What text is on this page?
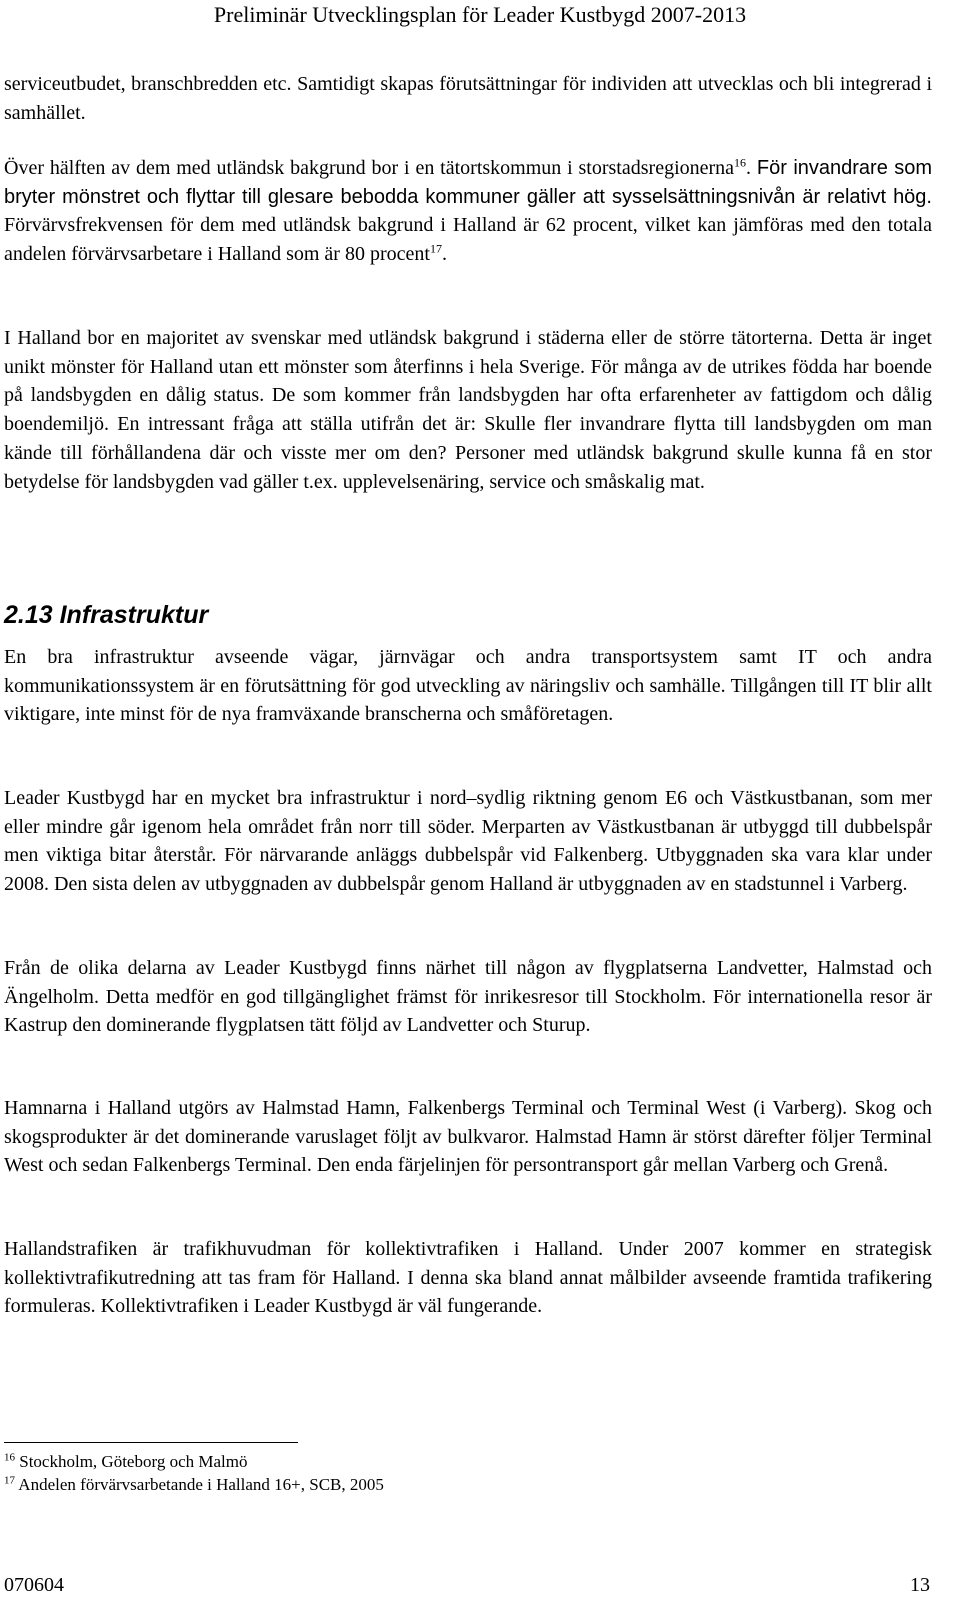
Preliminär Utvecklingsplan för Leader Kustbygd 2007-2013

serviceutbudet, branschbredden etc. Samtidigt skapas förutsättningar för individen att utvecklas och bli integrerad i samhället.

Över hälften av dem med utländsk bakgrund bor i en tätortskommun i storstadsregionerna$^{16}$. För invandrare som bryter mönstret och flyttar till glesare bebodda kommuner gäller att sysselsättningsnivån är relativt hög. Förvärvsfrekvensen för dem med utländsk bakgrund i Halland är 62 procent, vilket kan jämföras med den totala andelen förvärvsarbetare i Halland som är 80 procent$^{17}$.

I Halland bor en majoritet av svenskar med utländsk bakgrund i städerna eller de större tätorterna. Detta är inget unikt mönster för Halland utan ett mönster som återfinns i hela Sverige. För många av de utrikes födda har boende på landsbygden en dålig status. De som kommer från landsbygden har ofta erfarenheter av fattigdom och dålig boendemiljö. En intressant fråga att ställa utifrån det är: Skulle fler invandrare flytta till landsbygden om man kände till förhållandena där och visste mer om den? Personer med utländsk bakgrund skulle kunna få en stor betydelse för landsbygden vad gäller t.ex. upplevelsenäring, service och småskalig mat.

2.13 Infrastruktur

En bra infrastruktur avseende vägar, järnvägar och andra transportsystem samt IT och andra kommunikationssystem är en förutsättning för god utveckling av näringsliv och samhälle. Tillgången till IT blir allt viktigare, inte minst för de nya framväxande branscherna och småföretagen.

Leader Kustbygd har en mycket bra infrastruktur i nord–sydlig riktning genom E6 och Västkustbanan, som mer eller mindre går igenom hela området från norr till söder. Merparten av Västkustbanan är utbyggd till dubbelspår men viktiga bitar återstår. För närvarande anläggs dubbelspår vid Falkenberg. Utbyggnaden ska vara klar under 2008. Den sista delen av utbyggnaden av dubbelspår genom Halland är utbyggnaden av en stadstunnel i Varberg.

Från de olika delarna av Leader Kustbygd finns närhet till någon av flygplatserna Landvetter, Halmstad och Ängelholm. Detta medför en god tillgänglighet främst för inrikesresor till Stockholm. För internationella resor är Kastrup den dominerande flygplatsen tätt följd av Landvetter och Sturup.

Hamnarna i Halland utgörs av Halmstad Hamn, Falkenbergs Terminal och Terminal West (i Varberg). Skog och skogsprodukter är det dominerande varuslaget följt av bulkvaror. Halmstad Hamn är störst därefter följer Terminal West och sedan Falkenbergs Terminal. Den enda färjelinjen för persontransport går mellan Varberg och Grenå.

Hallandstrafiken är trafikhuvudman för kollektivtrafiken i Halland. Under 2007 kommer en strategisk kollektivtrafikutredning att tas fram för Halland. I denna ska bland annat målbilder avseende framtida trafikering formuleras. Kollektivtrafiken i Leader Kustbygd är väl fungerande.

$^{16}$ Stockholm, Göteborg och Malmö
$^{17}$ Andelen förvärvsarbetande i Halland 16+, SCB, 2005
070604	13
